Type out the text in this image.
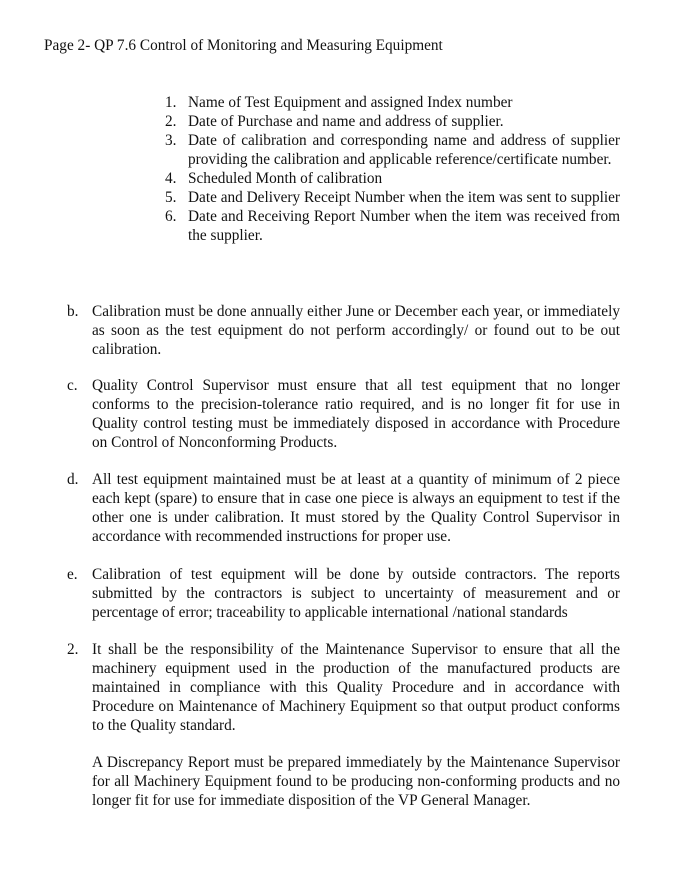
Page 2- QP 7.6 Control of Monitoring and Measuring Equipment
1. Name of Test Equipment and assigned Index number
2. Date of Purchase and name and address of supplier.
3. Date of calibration and corresponding name and address of supplier providing the calibration and applicable reference/certificate number.
4. Scheduled Month of calibration
5. Date and Delivery Receipt Number when the item was sent to supplier
6. Date and Receiving Report Number when the item was received from the supplier.
b. Calibration must be done annually either June or December each year, or immediately as soon as the test equipment do not perform accordingly/ or found out to be out calibration.
c. Quality Control Supervisor must ensure that all test equipment that no longer conforms to the precision-tolerance ratio required, and is no longer fit for use in Quality control testing must be immediately disposed in accordance with Procedure on Control of Nonconforming Products.
d. All test equipment maintained must be at least at a quantity of minimum of 2 piece each kept (spare) to ensure that in case one piece is always an equipment to test if the other one is under calibration. It must stored by the Quality Control Supervisor in accordance with recommended instructions for proper use.
e. Calibration of test equipment will be done by outside contractors. The reports submitted by the contractors is subject to uncertainty of measurement and or percentage of error; traceability to applicable international /national standards
2. It shall be the responsibility of the Maintenance Supervisor to ensure that all the machinery equipment used in the production of the manufactured products are maintained in compliance with this Quality Procedure and in accordance with Procedure on Maintenance of Machinery Equipment so that output product conforms to the Quality standard.
A Discrepancy Report must be prepared immediately by the Maintenance Supervisor for all Machinery Equipment found to be producing non-conforming products and no longer fit for use for immediate disposition of the VP General Manager.
